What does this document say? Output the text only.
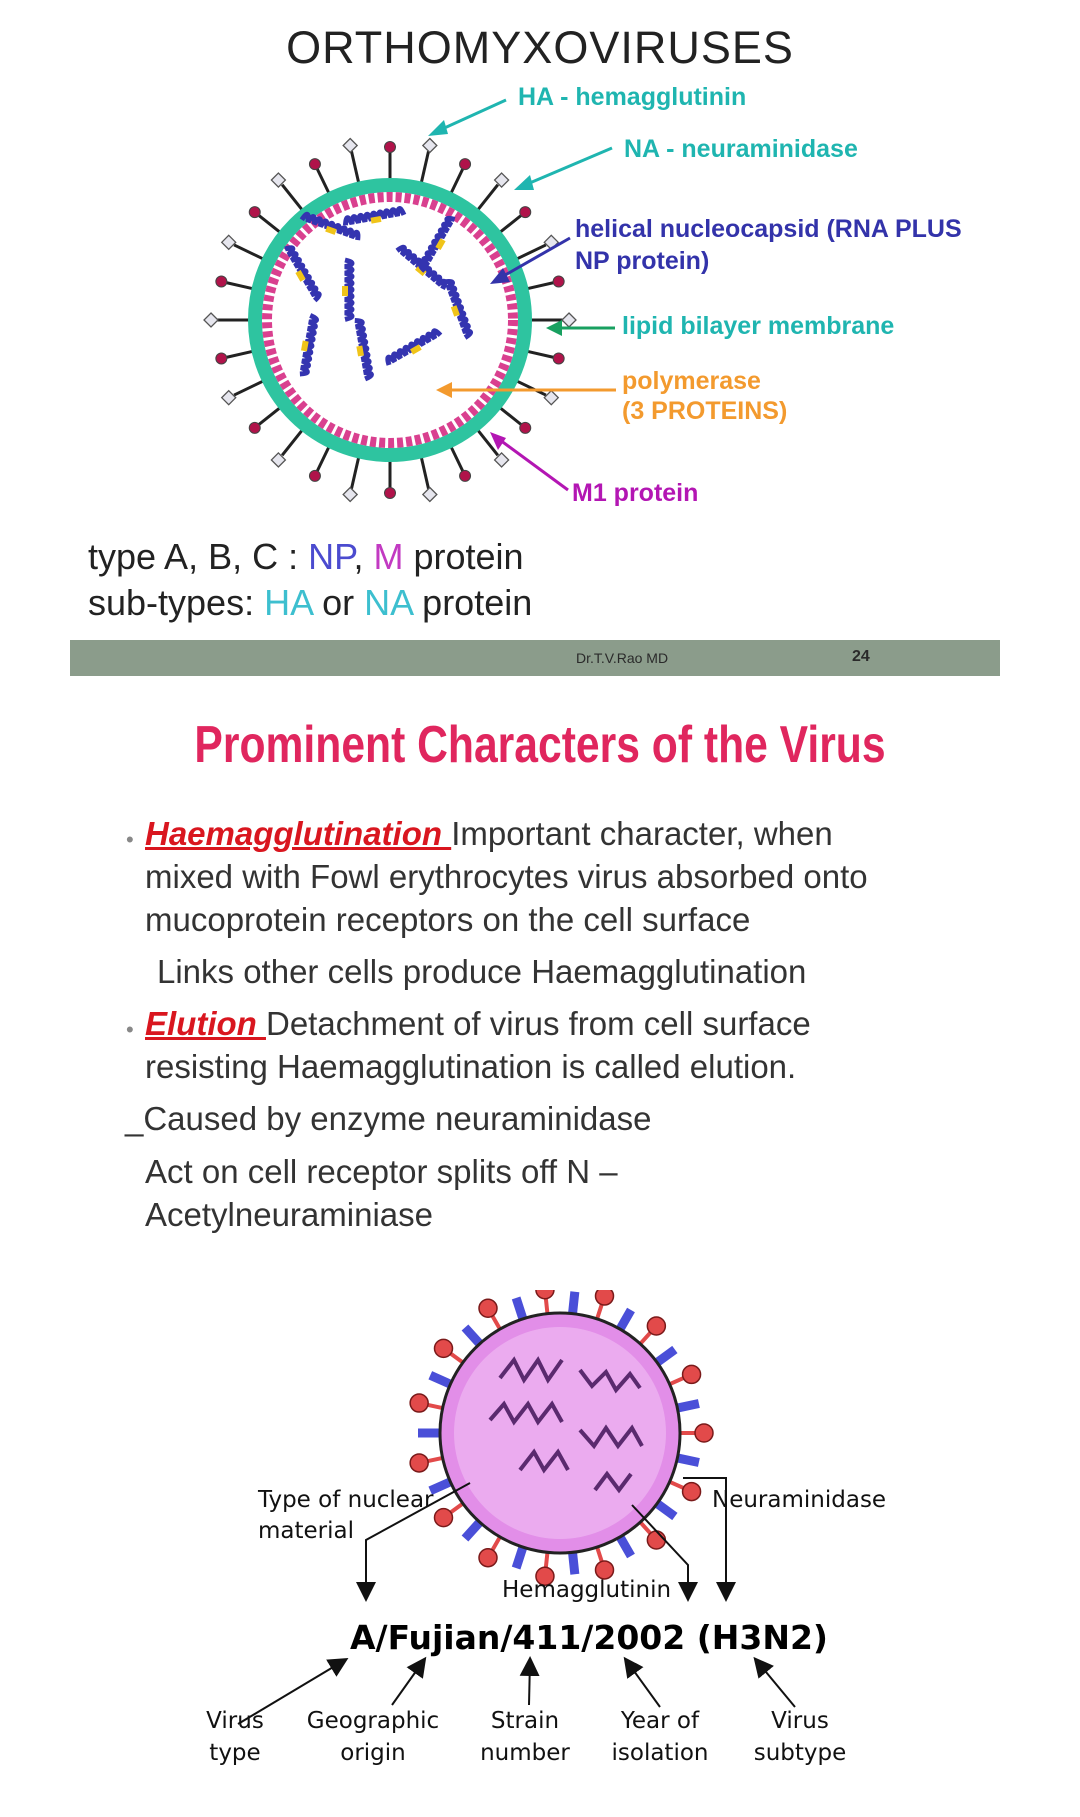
ORTHOMYXOVIRUSES
HA - hemagglutinin
NA - neuraminidase
helical nucleocapsid (RNA PLUS
NP protein)
lipid bilayer membrane
polymerase
(3 PROTEINS)
M1 protein
type A, B, C : NP, M protein
sub-types: HA or NA protein
Dr.T.V.Rao MD	24
Prominent Characters of the Virus
• Haemagglutination Important character, when
mixed with Fowl erythrocytes virus absorbed onto
mucoprotein receptors on the cell surface
Links other cells produce Haemagglutination
• Elution Detachment of virus from cell surface
resisting Haemagglutination is called elution.
_Caused by enzyme neuraminidase
Act on cell receptor splits off N –
Acetylneuraminiase
Type of nuclear
material
Neuraminidase
Hemagglutinin
A/Fujian/411/2002 (H3N2)
Virus
type
Geographic
origin
Strain
number
Year of
isolation
Virus
subtype
